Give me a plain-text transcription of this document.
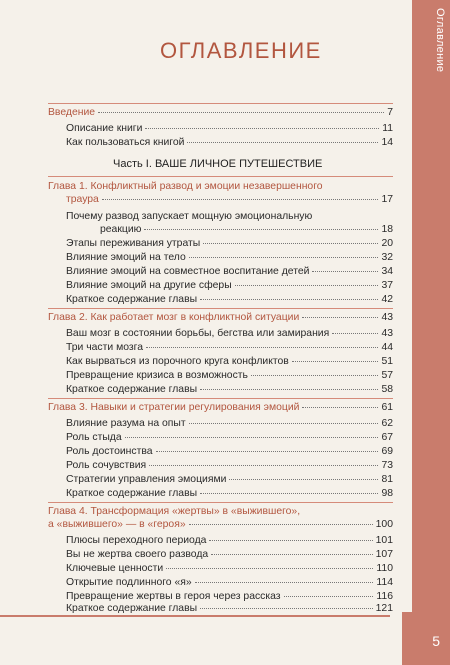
Оглавление
ОГЛАВЛЕНИЕ
Введение	7
Описание книги	11
Как пользоваться книгой	14
Часть I. ВАШЕ ЛИЧНОЕ ПУТЕШЕСТВИЕ
Глава 1. Конфликтный развод и эмоции незавершенного
траура	17
Почему развод запускает мощную эмоциональную
реакцию	18
Этапы переживания утраты	20
Влияние эмоций на тело	32
Влияние эмоций на совместное воспитание детей	34
Влияние эмоций на другие сферы	37
Краткое содержание главы	42
Глава 2. Как работает мозг в конфликтной ситуации	43
Ваш мозг в состоянии борьбы, бегства или замирания	43
Три части мозга	44
Как вырваться из порочного круга конфликтов	51
Превращение кризиса в возможность	57
Краткое содержание главы	58
Глава 3. Навыки и стратегии регулирования эмоций	61
Влияние разума на опыт	62
Роль стыда	67
Роль достоинства	69
Роль сочувствия	73
Стратегии управления эмоциями	81
Краткое содержание главы	98
Глава 4. Трансформация «жертвы» в «выжившего»,
а «выжившего» — в «героя»	100
Плюсы переходного периода	101
Вы не жертва своего развода	107
Ключевые ценности	110
Открытие подлинного «я»	114
Превращение жертвы в героя через рассказ	116
Краткое содержание главы	121
5
